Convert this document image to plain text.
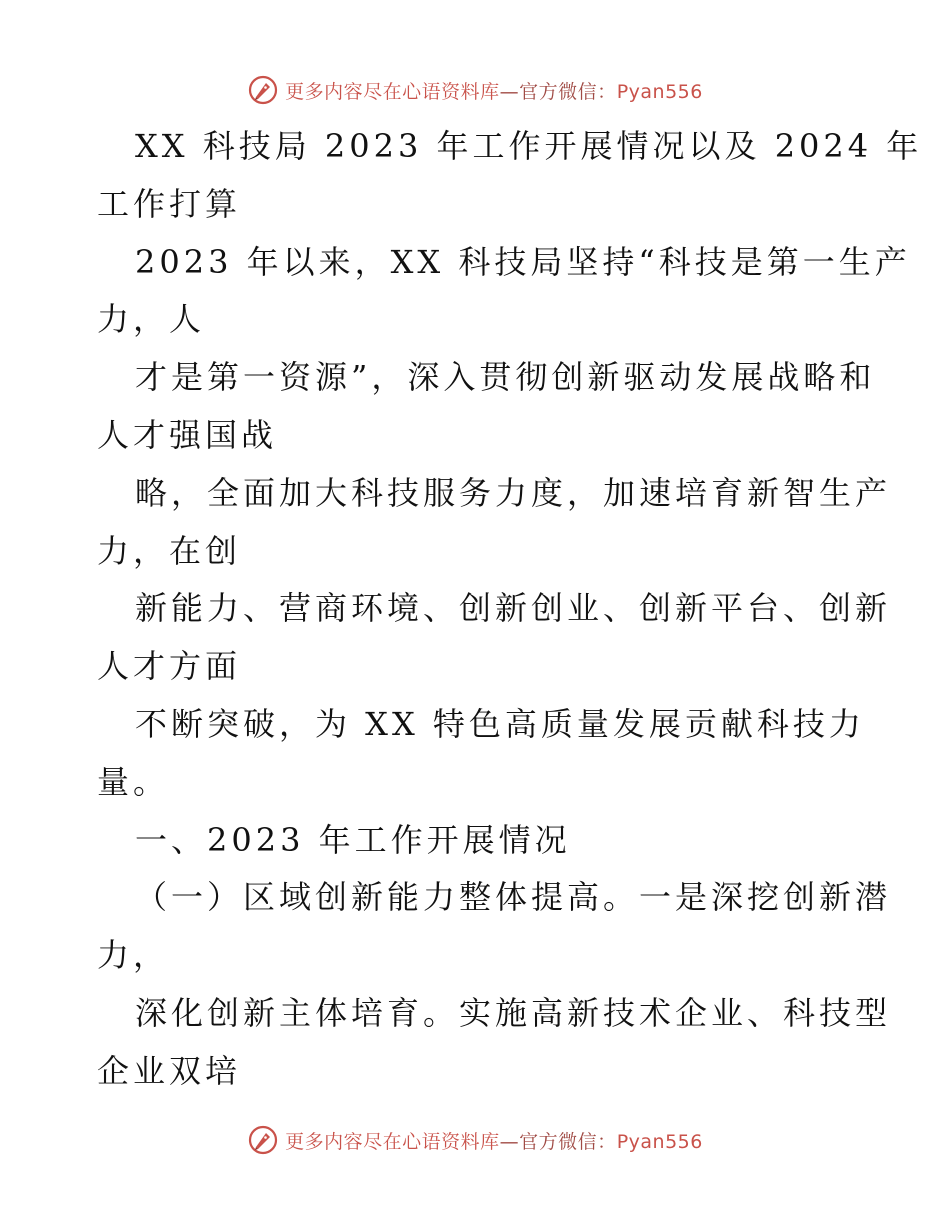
更多内容尽在心语资料库—官方微信：Pyan556
XX 科技局 2023 年工作开展情况以及 2024 年
工作打算
2023 年以来，XX 科技局坚持“科技是第一生产
力，人
才是第一资源”，深入贯彻创新驱动发展战略和
人才强国战
略，全面加大科技服务力度，加速培育新智生产
力，在创
新能力、营商环境、创新创业、创新平台、创新
人才方面
不断突破，为 XX 特色高质量发展贡献科技力
量。
一、2023 年工作开展情况
（一）区域创新能力整体提高。一是深挖创新潜
力，
深化创新主体培育。实施高新技术企业、科技型
企业双培
更多内容尽在心语资料库—官方微信：Pyan556
